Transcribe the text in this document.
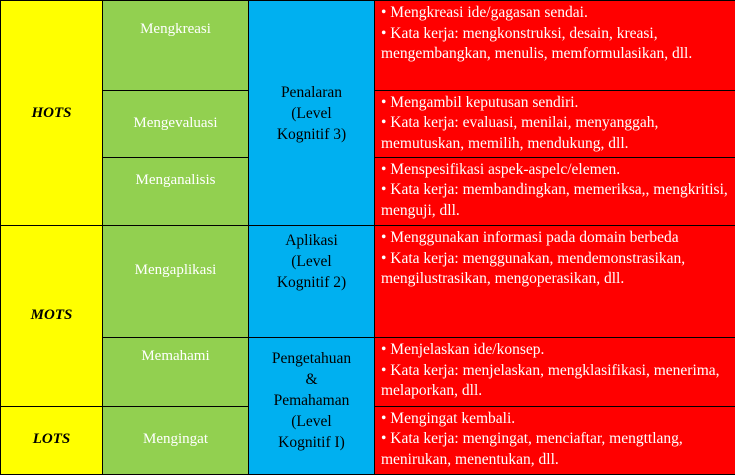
HOTS	Mengkreasi	Penalaran
(Level
Kognitif 3)	• Mengkreasi ide/gagasan sendai.
• Kata kerja: mengkonstruksi, desain, kreasi, mengembangkan, menulis, memformulasikan, dll.

	Mengevaluasi		• Mengambil keputusan sendiri.
• Kata kerja: evaluasi, menilai, menyanggah, memutuskan, memilih, mendukung, dll.

	Menganalisis		• Menspesifikasi aspek-aspelc/elemen.
• Kata kerja: membandingkan, memeriksa,, mengkritisi, menguji, dll.

MOTS	Mengaplikasi	Aplikasi
(Level
Kognitif 2)	• Menggunakan informasi pada domain berbeda
• Kata kerja: menggunakan, mendemonstrasikan, mengilustrasikan, mengoperasikan, dll.

	Memahami	Pengetahuan
&
Pemahaman
(Level
Kognitif I)	• Menjelaskan ide/konsep.
• Kata kerja: menjelaskan, mengklasifikasi, menerima, melaporkan, dll.

LOTS	Mengingat		• Mengingat kembali.
• Kata kerja: mengingat, menciaftar, mengttlang, menirukan, menentukan, dll.
